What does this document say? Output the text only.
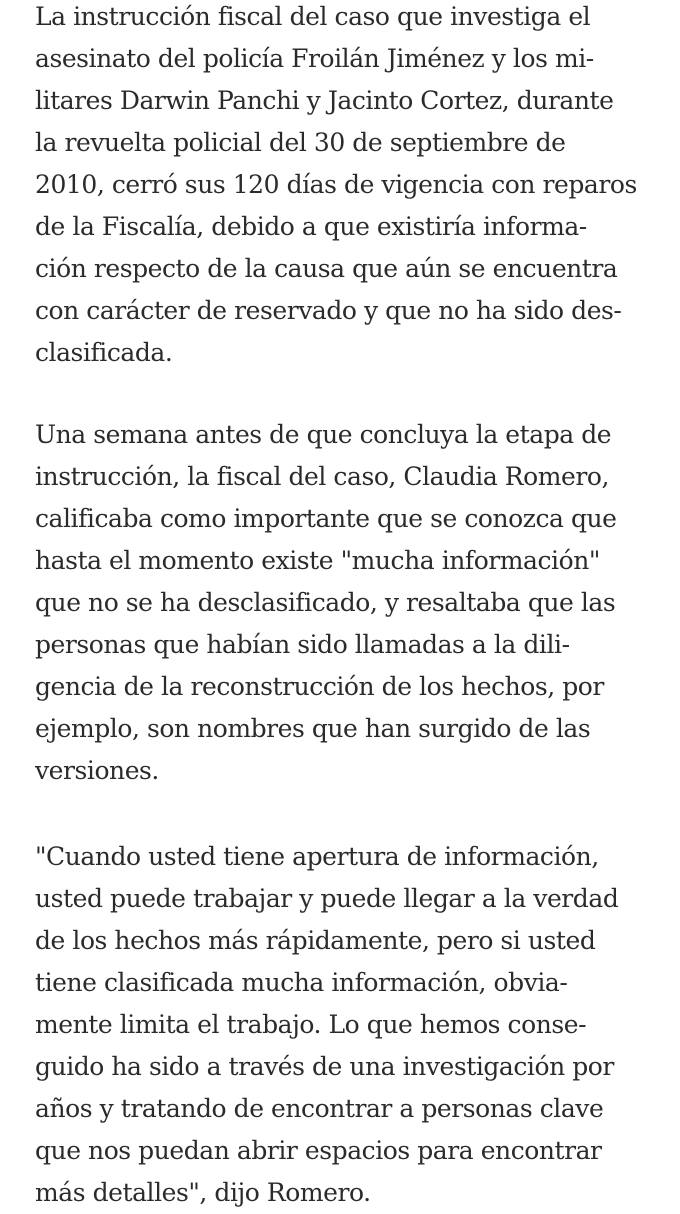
La instrucción fiscal del caso que investiga el
asesinato del policía Froilán Jiménez y los mi-
litares Darwin Panchi y Jacinto Cortez, durante
la revuelta policial del 30 de septiembre de
2010, cerró sus 120 días de vigencia con reparos
de la Fiscalía, debido a que existiría informa-
ción respecto de la causa que aún se encuentra
con carácter de reservado y que no ha sido des-
clasificada.
Una semana antes de que concluya la etapa de
instrucción, la fiscal del caso, Claudia Romero,
calificaba como importante que se conozca que
hasta el momento existe "mucha información"
que no se ha desclasificado, y resaltaba que las
personas que habían sido llamadas a la dili-
gencia de la reconstrucción de los hechos, por
ejemplo, son nombres que han surgido de las
versiones.
"Cuando usted tiene apertura de información,
usted puede trabajar y puede llegar a la verdad
de los hechos más rápidamente, pero si usted
tiene clasificada mucha información, obvia-
mente limita el trabajo. Lo que hemos conse-
guido ha sido a través de una investigación por
años y tratando de encontrar a personas clave
que nos puedan abrir espacios para encontrar
más detalles", dijo Romero.
